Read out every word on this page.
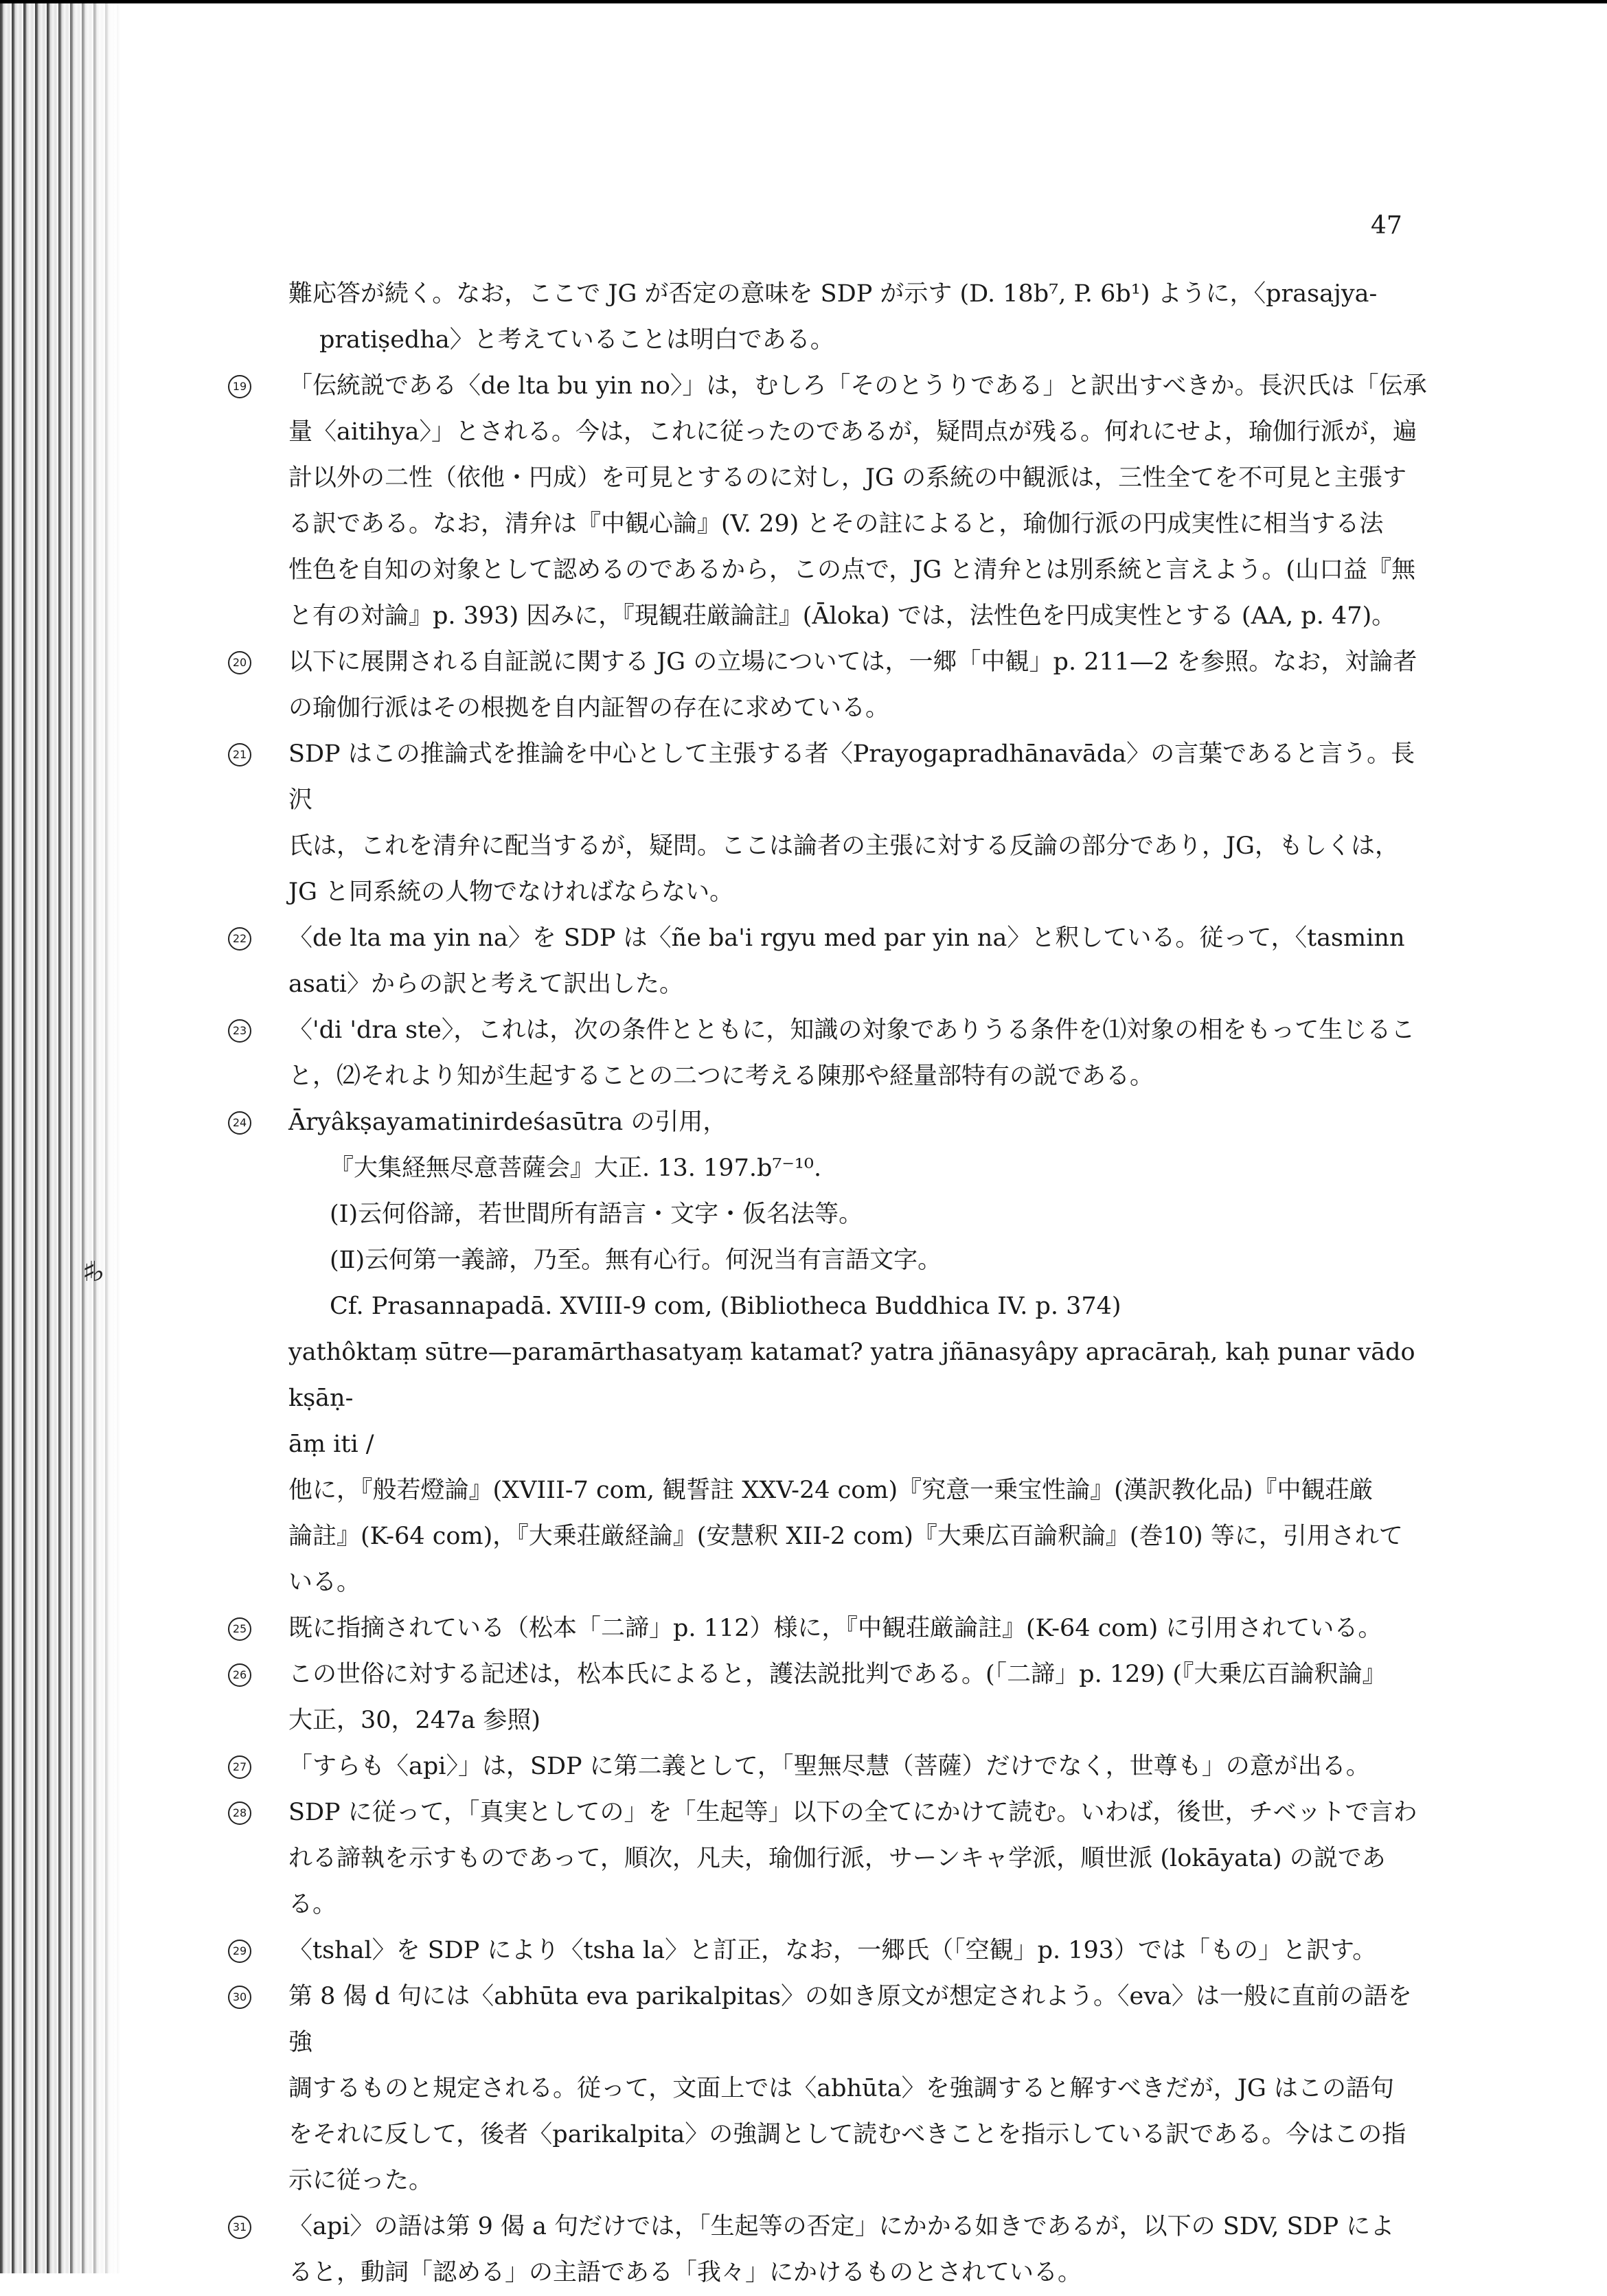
♯♭
47

難応答が続く。なお，ここで JG が否定の意味を SDP が示す (D. 18b⁷, P. 6b¹) ように，〈prasajya-

pratiṣedha〉と考えていることは明白である。

19 「伝統説である〈de lta bu yin no〉」は，むしろ「そのとうりである」と訳出すべきか。長沢氏は「伝承

量〈aitihya〉」とされる。今は，これに従ったのであるが，疑問点が残る。何れにせよ，瑜伽行派が，遍

計以外の二性（依他・円成）を可見とするのに対し，JG の系統の中観派は，三性全てを不可見と主張す

る訳である。なお，清弁は『中観心論』(V. 29) とその註によると，瑜伽行派の円成実性に相当する法

性色を自知の対象として認めるのであるから，この点で，JG と清弁とは別系統と言えよう。(山口益『無

と有の対論』p. 393) 因みに，『現観荘厳論註』(Āloka) では，法性色を円成実性とする (AA, p. 47)。

20 以下に展開される自証説に関する JG の立場については，一郷「中観」p. 211—2 を参照。なお，対論者

の瑜伽行派はその根拠を自内証智の存在に求めている。

21 SDP はこの推論式を推論を中心として主張する者〈Prayogapradhānavāda〉の言葉であると言う。長沢

氏は，これを清弁に配当するが，疑問。ここは論者の主張に対する反論の部分であり，JG，もしくは，

JG と同系統の人物でなければならない。

22 〈de lta ma yin na〉を SDP は〈ñe ba'i rgyu med par yin na〉と釈している。従って，〈tasminn

asati〉からの訳と考えて訳出した。

23 〈'di 'dra ste〉，これは，次の条件とともに，知識の対象でありうる条件を⑴対象の相をもって生じるこ

と，⑵それより知が生起することの二つに考える陳那や経量部特有の説である。

24 Āryâkṣayamatinirdeśasūtra の引用，

『大集経無尽意菩薩会』大正. 13. 197.b⁷⁻¹⁰.

(Ⅰ)云何俗諦，若世間所有語言・文字・仮名法等。

(Ⅱ)云何第一義諦，乃至。無有心行。何況当有言語文字。

Cf. Prasannapadā. XVIII-9 com, (Bibliotheca Buddhica IV. p. 374)

yathôktaṃ sūtre—paramārthasatyaṃ katamat? yatra jñānasyâpy apracāraḥ, kaḥ punar vādo kṣāṇ-

āṃ iti /

他に，『般若燈論』(XVIII-7 com, 観誓註 XXV-24 com)『究意一乗宝性論』(漢訳教化品)『中観荘厳

論註』(K-64 com)，『大乗荘厳経論』(安慧釈 XII-2 com)『大乗広百論釈論』(巻10) 等に，引用されて

いる。

25 既に指摘されている（松本「二諦」p. 112）様に，『中観荘厳論註』(K-64 com) に引用されている。

26 この世俗に対する記述は，松本氏によると，護法説批判である。(「二諦」p. 129) (『大乗広百論釈論』

大正，30，247a 参照)

27 「すらも〈api〉」は，SDP に第二義として，「聖無尽慧（菩薩）だけでなく，世尊も」の意が出る。

28 SDP に従って，「真実としての」を「生起等」以下の全てにかけて読む。いわば，後世，チベットで言わ

れる諦執を示すものであって，順次，凡夫，瑜伽行派，サーンキャ学派，順世派 (lokāyata) の説であ

る。

29 〈tshal〉を SDP により〈tsha la〉と訂正，なお，一郷氏（「空観」p. 193）では「もの」と訳す。

30 第 8 偈 d 句には〈abhūta eva parikalpitas〉の如き原文が想定されよう。〈eva〉は一般に直前の語を強

調するものと規定される。従って，文面上では〈abhūta〉を強調すると解すべきだが，JG はこの語句

をそれに反して，後者〈parikalpita〉の強調として読むべきことを指示している訳である。今はこの指

示に従った。

31 〈api〉の語は第 9 偈 a 句だけでは，「生起等の否定」にかかる如きであるが，以下の SDV, SDP によ

ると，動詞「認める」の主語である「我々」にかけるものとされている。
